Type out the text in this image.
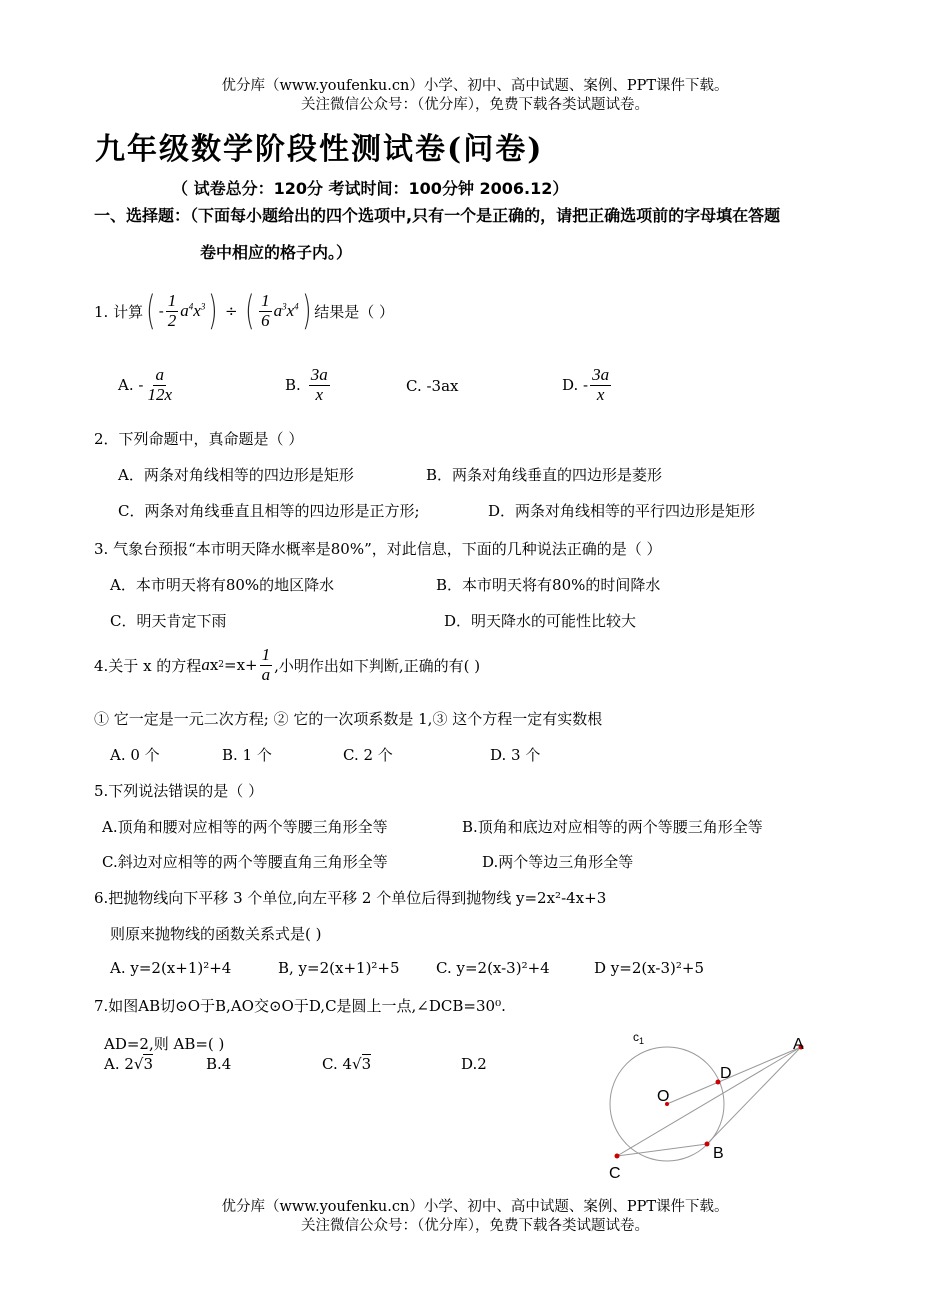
优分库（www.youfenku.cn）小学、初中、高中试题、案例、PPT课件下载。
关注微信公众号：（优分库），免费下载各类试题试卷。
九年级数学阶段性测试卷(问卷)
（ 试卷总分：120分 考试时间：100分钟 2006.12）
一、选择题：（下面每小题给出的四个选项中,只有一个是正确的，请把正确选项前的字母填在答题
卷中相应的格子内。）
1. 计算 ( - $\frac{1}{2} a^4x^3$ ) ÷ ( $\frac{1}{6} a^3x^4$ ) 结果是（ ）
A. - $\frac{a}{12x}$	B. $\frac{3a}{x}$	C. -3ax	D. - $\frac{3a}{x}$
2．下列命题中，真命题是（ ）
A．两条对角线相等的四边形是矩形	B．两条对角线垂直的四边形是菱形
C．两条对角线垂直且相等的四边形是正方形;	D．两条对角线相等的平行四边形是矩形
3. 气象台预报“本市明天降水概率是80%”，对此信息，下面的几种说法正确的是（ ）
A．本市明天将有80%的地区降水	B．本市明天将有80%的时间降水
C．明天肯定下雨	D．明天降水的可能性比较大
4.关于 x 的方程 a x $2 =x+ \frac{1}{a}$ ,小明作出如下判断,正确的有( )
① 它一定是一元二次方程; ② 它的一次项系数是 1,③ 这个方程一定有实数根
A. 0 个	B. 1 个	C. 2 个	D. 3 个
5.下列说法错误的是（ ）
A.顶角和腰对应相等的两个等腰三角形全等	B.顶角和底边对应相等的两个等腰三角形全等
C.斜边对应相等的两个等腰直角三角形全等	D.两个等边三角形全等
6.把抛物线向下平移 3 个单位,向左平移 2 个单位后得到抛物线 y=2x²-4x+3
则原来抛物线的函数关系式是( )
A. y=2(x+1)²+4	B, y=2(x+1)²+5 C. y=2(x-3)²+4	D y=2(x-3)²+5
7.如图AB切⊙O于B,AO交⊙O于D,C是圆上一点,∠DCB=30⁰.
AD=2,则 AB=( )
A. 2 √ 3	B.4	C. 4 √ 3	D.2
$c_1$	A
D
O
B
C
优分库（www.youfenku.cn）小学、初中、高中试题、案例、PPT课件下载。
关注微信公众号：（优分库），免费下载各类试题试卷。
